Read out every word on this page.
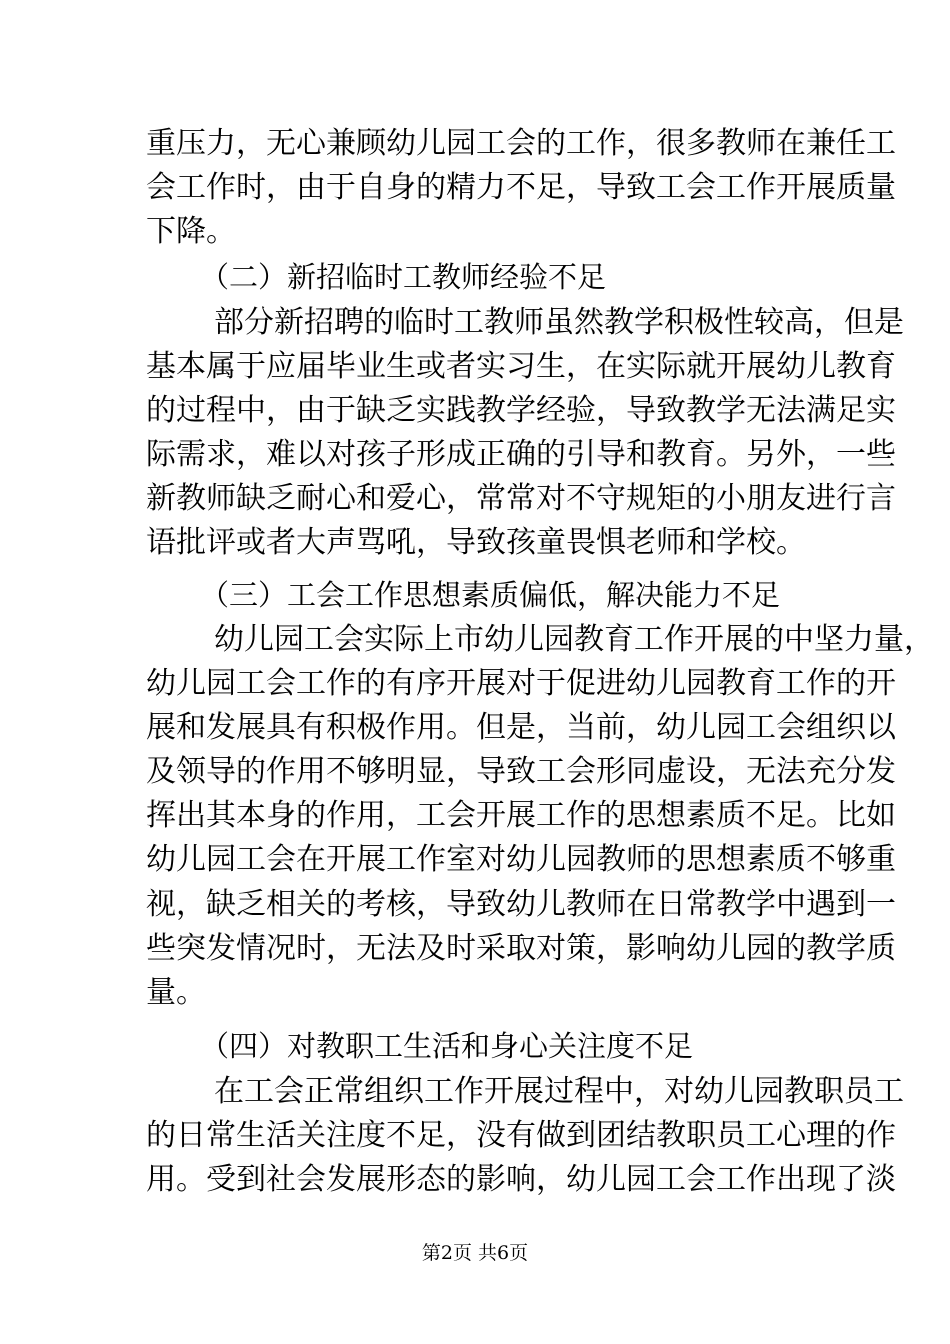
重压力，无心兼顾幼儿园工会的工作，很多教师在兼任工
会工作时，由于自身的精力不足，导致工会工作开展质量
下降。
（二）新招临时工教师经验不足
部分新招聘的临时工教师虽然教学积极性较高，但是
基本属于应届毕业生或者实习生，在实际就开展幼儿教育
的过程中，由于缺乏实践教学经验，导致教学无法满足实
际需求，难以对孩子形成正确的引导和教育。另外，一些
新教师缺乏耐心和爱心，常常对不守规矩的小朋友进行言
语批评或者大声骂吼，导致孩童畏惧老师和学校。
（三）工会工作思想素质偏低，解决能力不足
幼儿园工会实际上市幼儿园教育工作开展的中坚力量，
幼儿园工会工作的有序开展对于促进幼儿园教育工作的开
展和发展具有积极作用。但是，当前，幼儿园工会组织以
及领导的作用不够明显，导致工会形同虚设，无法充分发
挥出其本身的作用，工会开展工作的思想素质不足。比如
幼儿园工会在开展工作室对幼儿园教师的思想素质不够重
视，缺乏相关的考核，导致幼儿教师在日常教学中遇到一
些突发情况时，无法及时采取对策，影响幼儿园的教学质
量。
（四）对教职工生活和身心关注度不足
在工会正常组织工作开展过程中，对幼儿园教职员工
的日常生活关注度不足，没有做到团结教职员工心理的作
用。受到社会发展形态的影响，幼儿园工会工作出现了淡
第2页 共6页
